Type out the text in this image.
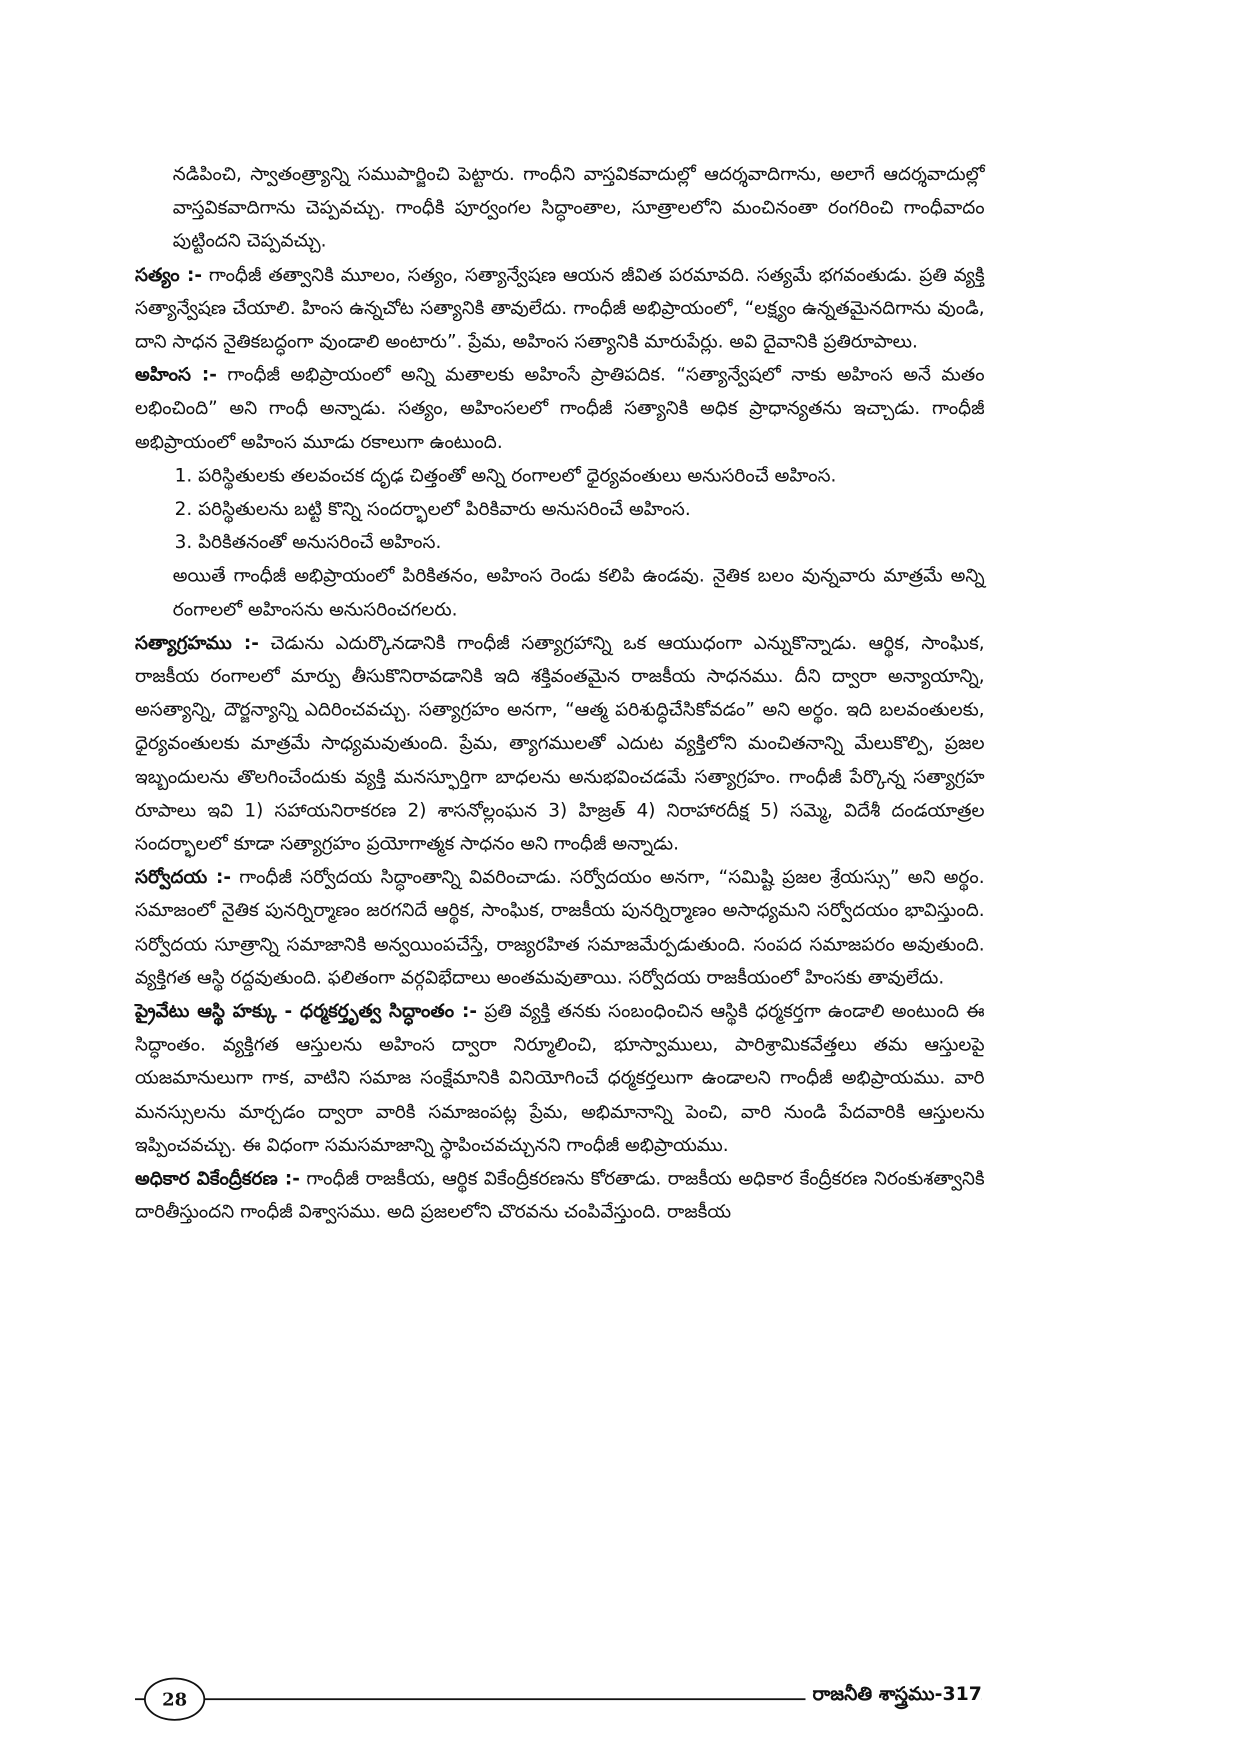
నడిపించి, స్వాతంత్ర్యాన్ని సముపార్జించి పెట్టారు. గాంధీని వాస్తవికవాదుల్లో ఆదర్శవాదిగాను, అలాగే ఆదర్శవాదుల్లో వాస్తవికవాదిగాను చెప్పవచ్చు. గాంధీకి పూర్వంగల సిద్ధాంతాల, సూత్రాలలోని మంచినంతా రంగరించి గాంధీవాదం పుట్టిందని చెప్పవచ్చు.

సత్యం :- గాంధీజీ తత్వానికి మూలం, సత్యం, సత్యాన్వేషణ ఆయన జీవిత పరమావది. సత్యమే భగవంతుడు. ప్రతి వ్యక్తి సత్యాన్వేషణ చేయాలి. హింస ఉన్నచోట సత్యానికి తావులేదు. గాంధీజీ అభిప్రాయంలో, “లక్ష్యం ఉన్నతమైనదిగాను వుండి, దాని సాధన నైతికబద్ధంగా వుండాలి అంటారు”. ప్రేమ, అహింస సత్యానికి మారుపేర్లు. అవి దైవానికి ప్రతిరూపాలు.

అహింస :- గాంధీజీ అభిప్రాయంలో అన్ని మతాలకు అహింసే ప్రాతిపదిక. “సత్యాన్వేషలో నాకు అహింస అనే మతం లభించింది” అని గాంధీ అన్నాడు. సత్యం, అహింసలలో గాంధీజీ సత్యానికి అధిక ప్రాధాన్యతను ఇచ్చాడు. గాంధీజీ అభిప్రాయంలో అహింస మూడు రకాలుగా ఉంటుంది.

1. పరిస్థితులకు తలవంచక దృఢ చిత్తంతో అన్ని రంగాలలో ధైర్యవంతులు అనుసరించే అహింస.

2. పరిస్థితులను బట్టి కొన్ని సందర్భాలలో పిరికివారు అనుసరించే అహింస.

3. పిరికితనంతో అనుసరించే అహింస.

అయితే గాంధీజీ అభిప్రాయంలో పిరికితనం, అహింస రెండు కలిపి ఉండవు. నైతిక బలం వున్నవారు మాత్రమే అన్ని రంగాలలో అహింసను అనుసరించగలరు.

సత్యాగ్రహము :- చెడును ఎదుర్కొనడానికి గాంధీజీ సత్యాగ్రహాన్ని ఒక ఆయుధంగా ఎన్నుకొన్నాడు. ఆర్థిక, సాంఘిక, రాజకీయ రంగాలలో మార్పు తీసుకొనిరావడానికి ఇది శక్తివంతమైన రాజకీయ సాధనము. దీని ద్వారా అన్యాయాన్ని, అసత్యాన్ని, దౌర్జన్యాన్ని ఎదిరించవచ్చు. సత్యాగ్రహం అనగా, “ఆత్మ పరిశుద్ధిచేసికోవడం” అని అర్థం. ఇది బలవంతులకు, ధైర్యవంతులకు మాత్రమే సాధ్యమవుతుంది. ప్రేమ, త్యాగములతో ఎదుట వ్యక్తిలోని మంచితనాన్ని మేలుకొల్పి, ప్రజల ఇబ్బందులను తొలగించేందుకు వ్యక్తి మనస్ఫూర్తిగా బాధలను అనుభవించడమే సత్యాగ్రహం. గాంధీజీ పేర్కొన్న సత్యాగ్రహ రూపాలు ఇవి 1) సహాయనిరాకరణ 2) శాసనోల్లంఘన 3) హిజ్రత్ 4) నిరాహారదీక్ష 5) సమ్మె, విదేశీ దండయాత్రల సందర్భాలలో కూడా సత్యాగ్రహం ప్రయోగాత్మక సాధనం అని గాంధీజీ అన్నాడు.

సర్వోదయ :- గాంధీజీ సర్వోదయ సిద్ధాంతాన్ని వివరించాడు. సర్వోదయం అనగా, “సమిష్టి ప్రజల శ్రేయస్సు” అని అర్థం. సమాజంలో నైతిక పునర్నిర్మాణం జరగనిదే ఆర్థిక, సాంఘిక, రాజకీయ పునర్నిర్మాణం అసాధ్యమని సర్వోదయం భావిస్తుంది. సర్వోదయ సూత్రాన్ని సమాజానికి అన్వయింపచేస్తే, రాజ్యరహిత సమాజమేర్పడుతుంది. సంపద సమాజపరం అవుతుంది. వ్యక్తిగత ఆస్థి రద్దవుతుంది. ఫలితంగా వర్గవిభేదాలు అంతమవుతాయి. సర్వోదయ రాజకీయంలో హింసకు తావులేదు.

ప్రైవేటు ఆస్థి హక్కు - ధర్మకర్తృత్వ సిద్ధాంతం :- ప్రతి వ్యక్తి తనకు సంబంధించిన ఆస్థికి ధర్మకర్తగా ఉండాలి అంటుంది ఈ సిద్ధాంతం. వ్యక్తిగత ఆస్తులను అహింస ద్వారా నిర్మూలించి, భూస్వాములు, పారిశ్రామికవేత్తలు తమ ఆస్తులపై యజమానులుగా గాక, వాటిని సమాజ సంక్షేమానికి వినియోగించే ధర్మకర్తలుగా ఉండాలని గాంధీజీ అభిప్రాయము. వారి మనస్సులను మార్చడం ద్వారా వారికి సమాజంపట్ల ప్రేమ, అభిమానాన్ని పెంచి, వారి నుండి పేదవారికి ఆస్తులను ఇప్పించవచ్చు. ఈ విధంగా సమసమాజాన్ని స్థాపించవచ్చునని గాంధీజీ అభిప్రాయము.

అధికార వికేంద్రీకరణ :- గాంధీజీ రాజకీయ, ఆర్థిక వికేంద్రీకరణను కోరతాడు. రాజకీయ అధికార కేంద్రీకరణ నిరంకుశత్వానికి దారితీస్తుందని గాంధీజీ విశ్వాసము. అది ప్రజలలోని చొరవను చంపివేస్తుంది. రాజకీయ

28	రాజనీతి శాస్త్రము-317
